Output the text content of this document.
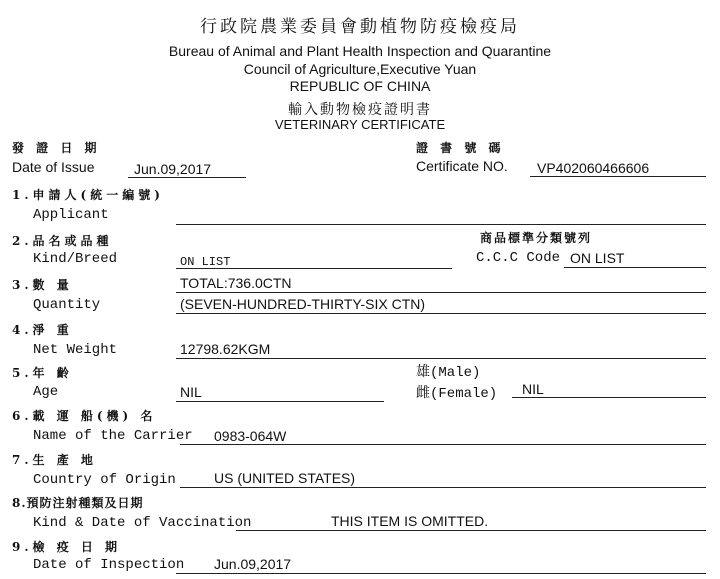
行政院農業委員會動植物防疫檢疫局
Bureau of Animal and Plant Health Inspection and Quarantine
Council of Agriculture,Executive Yuan
REPUBLIC OF CHINA
輸入動物檢疫證明書
VETERINARY CERTIFICATE
發 證 日 期
Date of Issue	Jun.09,2017
證 書 號 碼
Certificate NO. VP402060466606
1.申請人(統一編號)
Applicant
2.品名或品種
Kind/Breed	ON LIST
商品標準分類號列
C.C.C Code ON LIST
3.數 量
Quantity
TOTAL:736.0CTN
(SEVEN-HUNDRED-THIRTY-SIX CTN)
4.淨 重
Net Weight	12798.62KGM
5.年 齡
Age	NIL
雄(Male)
雌(Female) NIL
6.載 運 船(機) 名
Name of the Carrier 0983-064W
7.生 產 地
Country of Origin	US (UNITED STATES)
8.預防注射種類及日期
Kind & Date of Vaccination	THIS ITEM IS OMITTED.
9.檢 疫 日 期
Date of Inspection Jun.09,2017
